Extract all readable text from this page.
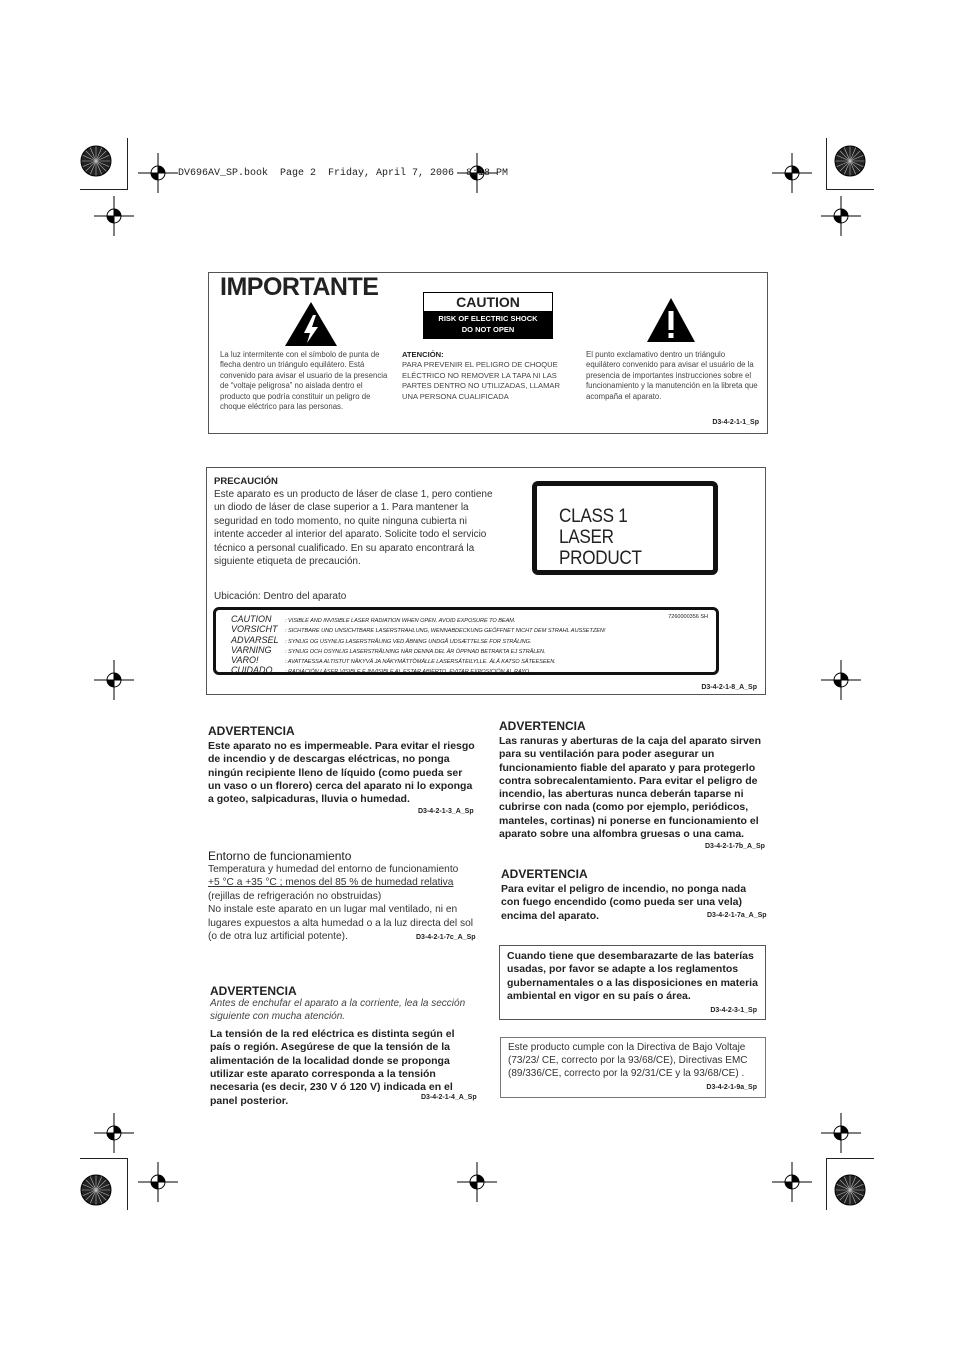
DV696AV_SP.book  Page 2  Friday, April 7, 2006  8:18 PM
IMPORTANTE
CAUTION
RISK OF ELECTRIC SHOCK
DO NOT OPEN
La luz intermitente con el símbolo de punta de flecha dentro un triángulo equilátero. Está convenido para avisar el usuario de la presencia de “voltaje peligrosa” no aislada dentro el producto que podría constituir un peligro de choque eléctrico para las personas.
ATENCIÓN:
PARA PREVENIR EL PELIGRO DE CHOQUE ELÉCTRICO NO REMOVER LA TAPA NI LAS PARTES DENTRO NO UTILIZADAS, LLAMAR UNA PERSONA CUALIFICADA
El punto exclamativo dentro un triángulo equilátero convenido para avisar el usuário de la presencia de importantes instrucciones sobre el funcionamiento y la manutención en la libreta que acompaña el aparato.
D3-4-2-1-1_Sp
PRECAUCIÓN
Este aparato es un producto de láser de clase 1, pero contiene un diodo de láser de clase superior a 1. Para mantener la seguridad en todo momento, no quite ninguna cubierta ni intente acceder al interior del aparato. Solicite todo el servicio técnico a personal cualificado. En su aparato encontrará la siguiente etiqueta de precaución.
Ubicación: Dentro del aparato
CLASS 1
LASER PRODUCT
7260000356 SH
CAUTION	: VISIBLE AND INVISIBLE LASER RADIATION WHEN OPEN. AVOID EXPOSURE TO BEAM.
VORSICHT	: SICHTBARE UND UNSICHTBARE LASERSTRAHLUNG, WENNABDECKUNG GEÖFFNET NICHT DEM STRAHL AUSSETZEN!
ADVARSEL	: SYNLIG OG USYNLIG LASERSTRÅLING VED ÅBNING UNDGÅ UDSÆTTELSE FOR STRÅLING.
VARNING	: SYNLIG OCH OSYNLIG LASERSTRÅLNING NÄR DENNA DEL ÄR ÖPPNAD BETRAKTA EJ STRÅLEN.
VARO!	: AVATTAESSA ALTISTUT NÄKYVÄ JA NÄKYMÄTTÖMÄLLE LASERSÄTEILYLLE. ÄLÄ KATSO SÄTEESEEN.
CUIDADO	: RADIACIÓN LÁSER VISIBLE E INVISIBLE AL ESTAR ABIERTO. EVITAR EXPOSICIÓN AL RAYO.
D3-4-2-1-8_A_Sp
ADVERTENCIA
Este aparato no es impermeable. Para evitar el riesgo de incendio y de descargas eléctricas, no ponga ningún recipiente lleno de líquido (como pueda ser un vaso o un florero) cerca del aparato ni lo exponga a goteo, salpicaduras, lluvia o humedad.
D3-4-2-1-3_A_Sp
Entorno de funcionamiento
Temperatura y humedad del entorno de funcionamiento
+5 °C a +35 °C ; menos del 85 % de humedad relativa
(rejillas de refrigeración no obstruidas)
No instale este aparato en un lugar mal ventilado, ni en lugares expuestos a alta humedad o a la luz directa del sol (o de otra luz artificial potente).	D3-4-2-1-7c_A_Sp
ADVERTENCIA
Antes de enchufar el aparato a la corriente, lea la sección siguiente con mucha atención.
La tensión de la red eléctrica es distinta según el país o región. Asegúrese de que la tensión de la alimentación de la localidad donde se proponga utilizar este aparato corresponda a la tensión necesaria (es decir, 230 V ó 120 V) indicada en el panel posterior.	D3-4-2-1-4_A_Sp
ADVERTENCIA
Las ranuras y aberturas de la caja del aparato sirven para su ventilación para poder asegurar un funcionamiento fiable del aparato y para protegerlo contra sobrecalentamiento. Para evitar el peligro de incendio, las aberturas nunca deberán taparse ni cubrirse con nada (como por ejemplo, periódicos, manteles, cortinas) ni ponerse en funcionamiento el aparato sobre una alfombra gruesas o una cama.
D3-4-2-1-7b_A_Sp
ADVERTENCIA
Para evitar el peligro de incendio, no ponga nada con fuego encendido (como pueda ser una vela) encima del aparato.	D3-4-2-1-7a_A_Sp
Cuando tiene que desembarazarte de las baterías usadas, por favor se adapte a los reglamentos gubernamentales o a las disposiciones en materia ambiental en vigor en su país o área.
D3-4-2-3-1_Sp
Este producto cumple con la Directiva de Bajo Voltaje (73/23/ CE, correcto por la 93/68/CE), Directivas EMC (89/336/CE, correcto por la 92/31/CE y la 93/68/CE) .
D3-4-2-1-9a_Sp
